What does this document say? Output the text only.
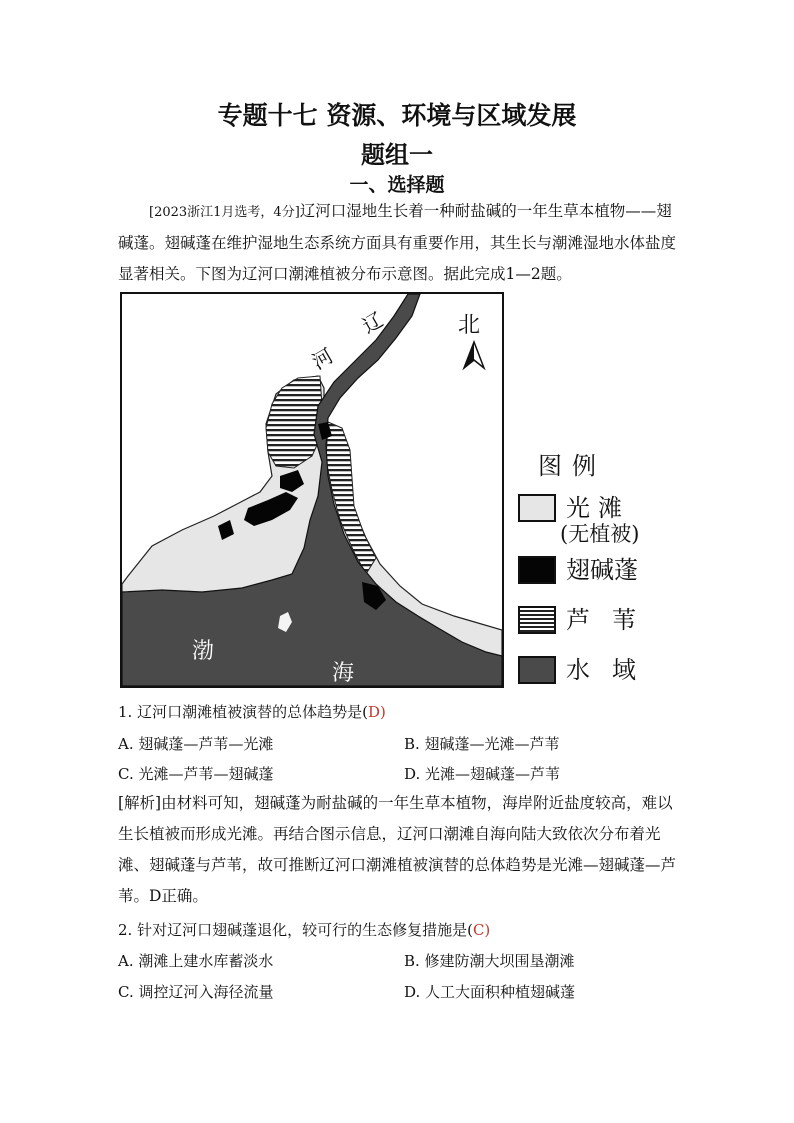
专题十七 资源、环境与区域发展
题组一
一、选择题
[2023浙江1月选考，4分]辽河口湿地生长着一种耐盐碱的一年生草本植物——翅碱蓬。翅碱蓬在维护湿地生态系统方面具有重要作用，其生长与潮滩湿地水体盐度显著相关。下图为辽河口潮滩植被分布示意图。据此完成1—2题。
北
辽
河
渤
海
图例
光滩
(无植被)
翅碱蓬
芦苇
水域
1. 辽河口潮滩植被演替的总体趋势是(D)
A. 翅碱蓬—芦苇—光滩	B. 翅碱蓬—光滩—芦苇
C. 光滩—芦苇—翅碱蓬	D. 光滩—翅碱蓬—芦苇
[解析]由材料可知，翅碱蓬为耐盐碱的一年生草本植物，海岸附近盐度较高，难以生长植被而形成光滩。再结合图示信息，辽河口潮滩自海向陆大致依次分布着光滩、翅碱蓬与芦苇，故可推断辽河口潮滩植被演替的总体趋势是光滩—翅碱蓬—芦苇。D正确。
2. 针对辽河口翅碱蓬退化，较可行的生态修复措施是(C)
A. 潮滩上建水库蓄淡水	B. 修建防潮大坝围垦潮滩
C. 调控辽河入海径流量	D. 人工大面积种植翅碱蓬
